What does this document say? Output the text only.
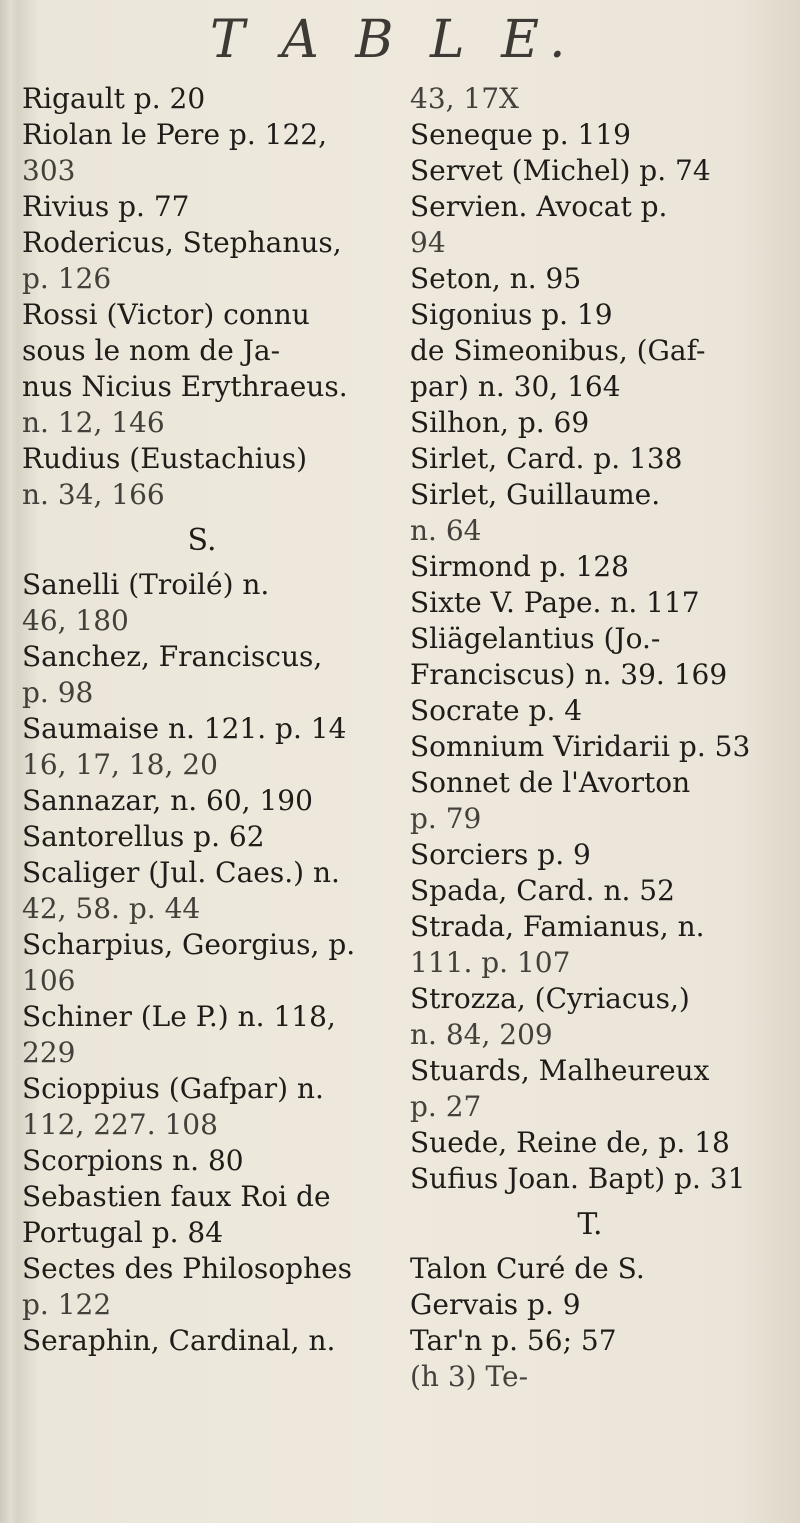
T A B L E.
Rigault p. 20
Riolan le Pere p. 122,
303
Rivius p. 77
Rodericus, Stephanus,
p. 126
Rossi (Victor) connu
sous le nom de Ja-
nus Nicius Erythraeus.
n. 12, 146
Rudius (Eustachius)
n. 34, 166
S.
Sanelli (Troilé) n.
46, 180
Sanchez, Franciscus,
p. 98
Saumaise n. 121. p. 14
16, 17, 18, 20
Sannazar, n. 60, 190
Santorellus p. 62
Scaliger (Jul. Caes.) n.
42, 58. p. 44
Scharpius, Georgius, p.
106
Schiner (Le P.) n. 118,
229
Scioppius (Gafpar) n.
112, 227. 108
Scorpions n. 80
Sebastien faux Roi de
Portugal p. 84
Sectes des Philosophes
p. 122
Seraphin, Cardinal, n.
43, 17X
Seneque p. 119
Servet (Michel) p. 74
Servien. Avocat p.
94
Seton, n. 95
Sigonius p. 19
de Simeonibus, (Gaf-
par) n. 30, 164
Silhon, p. 69
Sirlet, Card. p. 138
Sirlet, Guillaume.
n. 64
Sirmond p. 128
Sixte V. Pape. n. 117
Sliägelantius (Jo.-
Franciscus) n. 39. 169
Socrate p. 4
Somnium Viridarii p. 53
Sonnet de l'Avorton
p. 79
Sorciers p. 9
Spada, Card. n. 52
Strada, Famianus, n.
111. p. 107
Strozza, (Cyriacus,)
n. 84, 209
Stuards, Malheureux
p. 27
Suede, Reine de, p. 18
Sufius Joan. Bapt) p. 31
T.
Talon Curé de S.
Gervais p. 9
Tar'n p. 56; 57
(h 3) Te-
